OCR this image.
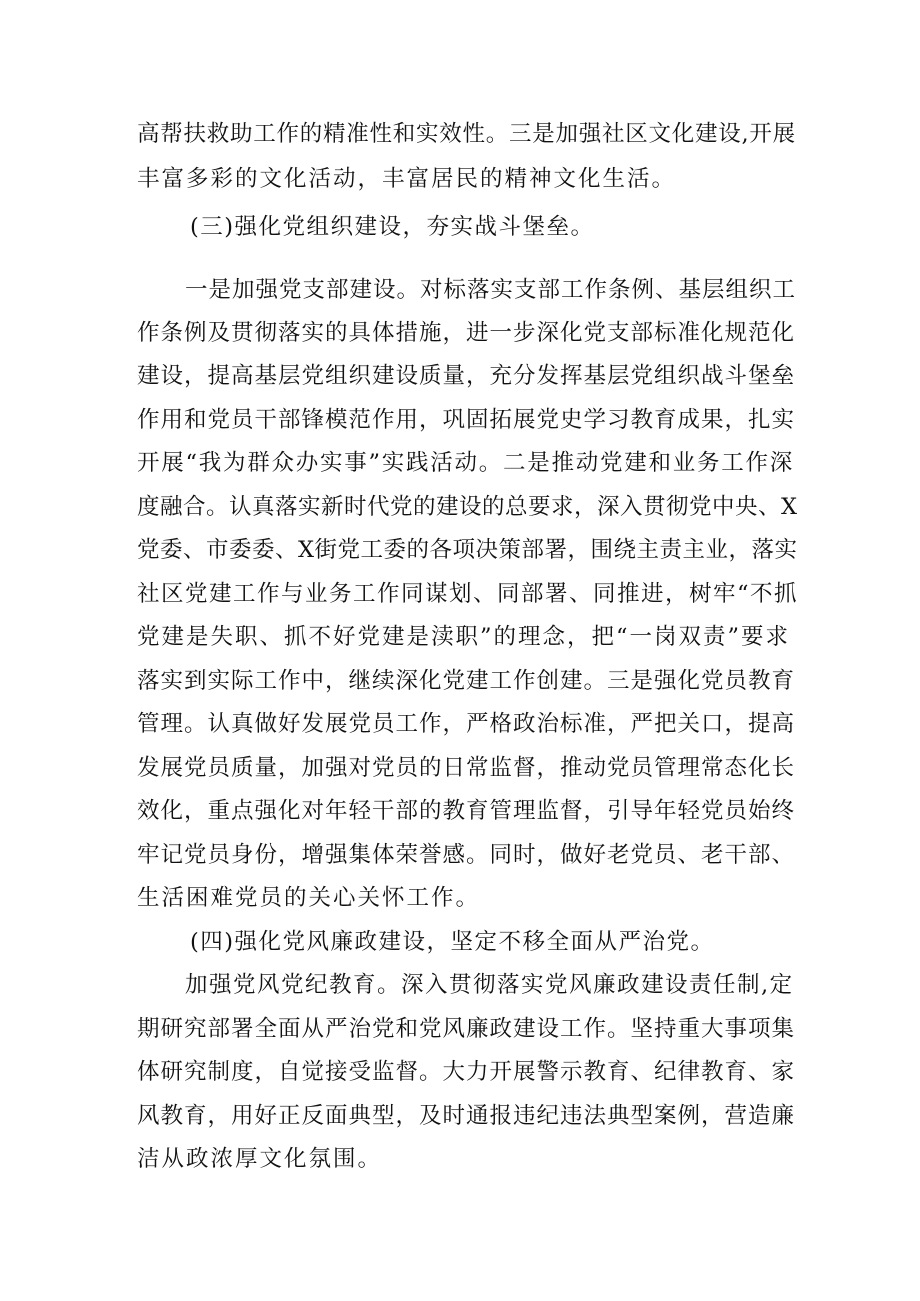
高帮扶救助工作的精准性和实效性。三是加强社区文化建设,开展
丰富多彩的文化活动，丰富居民的精神文化生活。
(三)强化党组织建设，夯实战斗堡垒。
一是加强党支部建设。对标落实支部工作条例、基层组织工
作条例及贯彻落实的具体措施，进一步深化党支部标准化规范化
建设，提高基层党组织建设质量，充分发挥基层党组织战斗堡垒
作用和党员干部锋模范作用，巩固拓展党史学习教育成果，扎实
开展“我为群众办实事”实践活动。二是推动党建和业务工作深
度融合。认真落实新时代党的建设的总要求，深入贯彻党中央、X
党委、市委委、X街党工委的各项决策部署，围绕主责主业，落实
社区党建工作与业务工作同谋划、同部署、同推进，树牢“不抓
党建是失职、抓不好党建是渎职”的理念，把“一岗双责”要求
落实到实际工作中，继续深化党建工作创建。三是强化党员教育
管理。认真做好发展党员工作，严格政治标准，严把关口，提高
发展党员质量，加强对党员的日常监督，推动党员管理常态化长
效化，重点强化对年轻干部的教育管理监督，引导年轻党员始终
牢记党员身份，增强集体荣誉感。同时，做好老党员、老干部、
生活困难党员的关心关怀工作。
(四)强化党风廉政建设，坚定不移全面从严治党。
加强党风党纪教育。深入贯彻落实党风廉政建设责任制,定
期研究部署全面从严治党和党风廉政建设工作。坚持重大事项集
体研究制度，自觉接受监督。大力开展警示教育、纪律教育、家
风教育，用好正反面典型，及时通报违纪违法典型案例，营造廉
洁从政浓厚文化氛围。
